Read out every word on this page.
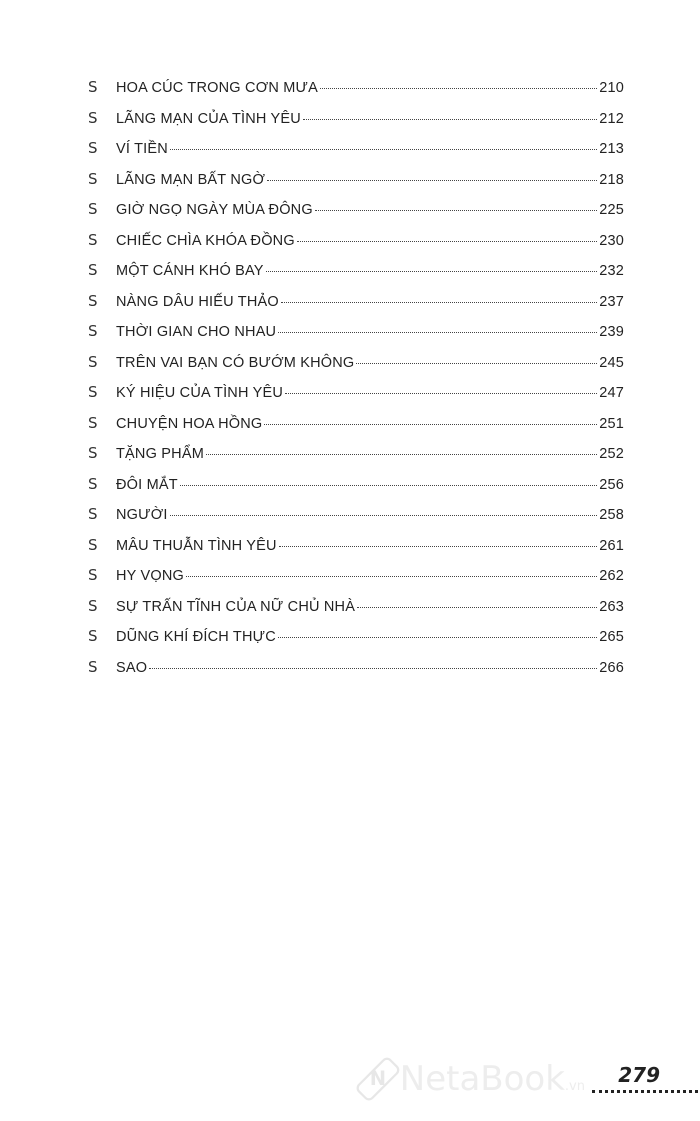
S	HOA CÚC TRONG CƠN MƯA	210
S	LÃNG MẠN CỦA TÌNH YÊU	212
S	VÍ TIỀN	213
S	LÃNG MẠN BẤT NGỜ	218
S	GIỜ NGỌ NGÀY MÙA ĐÔNG	225
S	CHIẾC CHÌA KHÓA ĐỒNG	230
S	MỘT CÁNH KHÓ BAY	232
S	NÀNG DÂU HIẾU THẢO	237
S	THỜI GIAN CHO NHAU	239
S	TRÊN VAI BẠN CÓ BƯỚM KHÔNG	245
S	KÝ HIỆU CỦA TÌNH YÊU	247
S	CHUYỆN HOA HỒNG	251
S	TẶNG PHẨM	252
S	ĐÔI MẮT	256
S	NGƯỜI	258
S	MÂU THUẪN TÌNH YÊU	261
S	HY VỌNG	262
S	SỰ TRẤN TĨNH CỦA NỮ CHỦ NHÀ	263
S	DŨNG KHÍ ĐÍCH THỰC	265
S	SAO	266
N NetaBook.vn 279
